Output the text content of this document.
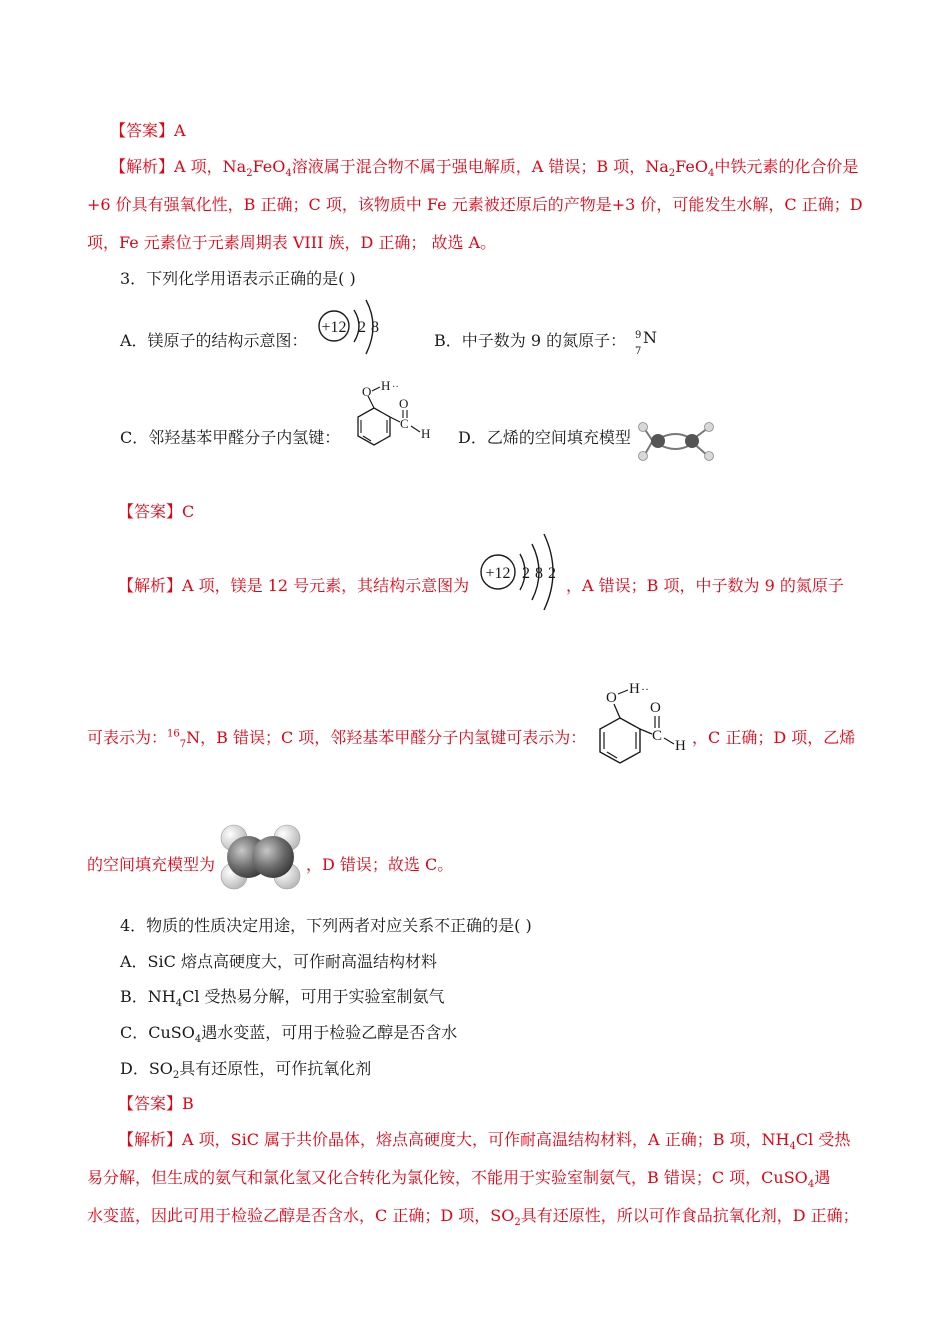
【答案】A
【解析】A 项，$Na_2FeO_4$溶液属于混合物不属于强电解质，A 错误；B 项，$Na_2FeO_4$中铁元素的化合价是
+6 价具有强氧化性，B 正确；C 项，该物质中 Fe 元素被还原后的产物是+3 价，可能发生水解，C 正确；D
项，Fe 元素位于元素周期表 VIII 族，D 正确； 故选 A。
3．下列化学用语表示正确的是( )
A．镁原子的结构示意图：
+12 2 8
B．中子数为 9 的氮原子： 9
7
N
C．邻羟基苯甲醛分子内氢键：
O H ··
O
C
H D．乙烯的空间填充模型
【答案】C
【解析】A 项，镁是 12 号元素，其结构示意图为
+12 2 8 2
，A 错误；B 项，中子数为 9 的氮原子
可表示为：$^{16}_7$N，B 错误；C 项，邻羟基苯甲醛分子内氢键可表示为：
O
H ··
O
C
H ，C 正确；D 项，乙烯
的空间填充模型为	，D 错误；故选 C。
4．物质的性质决定用途，下列两者对应关系不正确的是( )
A．SiC 熔点高硬度大，可作耐高温结构材料
B．$NH_4Cl$ 受热易分解，可用于实验室制氨气
C．CuSO$_4$遇水变蓝，可用于检验乙醇是否含水
D．$SO_2$具有还原性，可作抗氧化剂
【答案】B
【解析】A 项，SiC 属于共价晶体，熔点高硬度大，可作耐高温结构材料，A 正确；B 项，$NH_4Cl$ 受热
易分解，但生成的氨气和氯化氢又化合转化为氯化铵，不能用于实验室制氨气，B 错误；C 项，CuSO$_4$遇
水变蓝，因此可用于检验乙醇是否含水，C 正确；D 项，$SO_2$具有还原性，所以可作食品抗氧化剂，D 正确；
